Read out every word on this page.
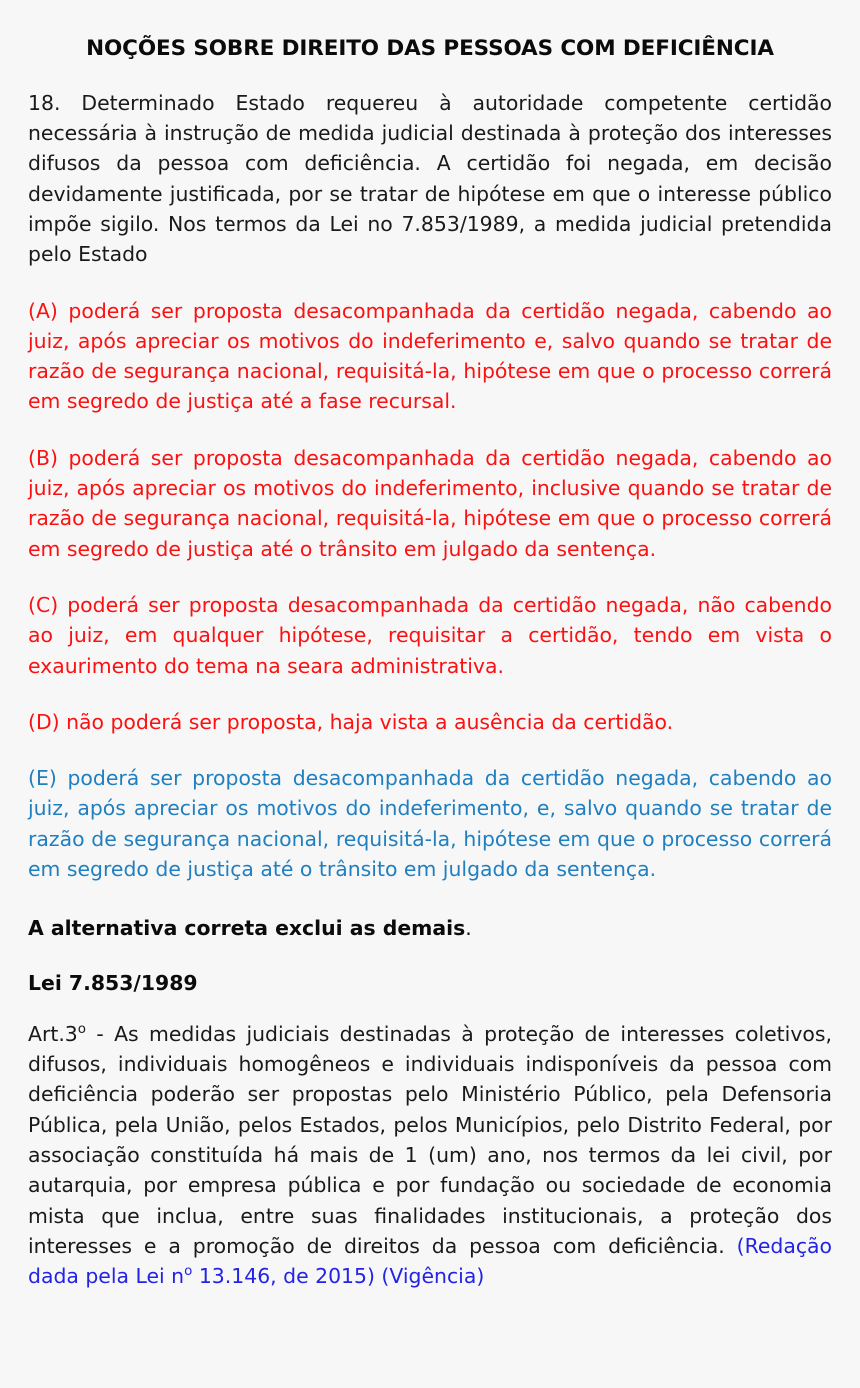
NOÇÕES SOBRE DIREITO DAS PESSOAS COM DEFICIÊNCIA

18. Determinado Estado requereu à autoridade competente certidão necessária à instrução de medida judicial destinada à proteção dos interesses difusos da pessoa com deficiência. A certidão foi negada, em decisão devidamente justificada, por se tratar de hipótese em que o interesse público impõe sigilo. Nos termos da Lei no 7.853/1989, a medida judicial pretendida pelo Estado

(A) poderá ser proposta desacompanhada da certidão negada, cabendo ao juiz, após apreciar os motivos do indeferimento e, salvo quando se tratar de razão de segurança nacional, requisitá-la, hipótese em que o processo correrá em segredo de justiça até a fase recursal.

(B) poderá ser proposta desacompanhada da certidão negada, cabendo ao juiz, após apreciar os motivos do indeferimento, inclusive quando se tratar de razão de segurança nacional, requisitá-la, hipótese em que o processo correrá em segredo de justiça até o trânsito em julgado da sentença.

(C) poderá ser proposta desacompanhada da certidão negada, não cabendo ao juiz, em qualquer hipótese, requisitar a certidão, tendo em vista o exaurimento do tema na seara administrativa.

(D) não poderá ser proposta, haja vista a ausência da certidão.

(E) poderá ser proposta desacompanhada da certidão negada, cabendo ao juiz, após apreciar os motivos do indeferimento, e, salvo quando se tratar de razão de segurança nacional, requisitá-la, hipótese em que o processo correrá em segredo de justiça até o trânsito em julgado da sentença.

A alternativa correta exclui as demais.

Lei 7.853/1989

Art.3$^o$ - As medidas judiciais destinadas à proteção de interesses coletivos, difusos, individuais homogêneos e individuais indisponíveis da pessoa com deficiência poderão ser propostas pelo Ministério Público, pela Defensoria Pública, pela União, pelos Estados, pelos Municípios, pelo Distrito Federal, por associação constituída há mais de 1 (um) ano, nos termos da lei civil, por autarquia, por empresa pública e por fundação ou sociedade de economia mista que inclua, entre suas finalidades institucionais, a proteção dos interesses e a promoção de direitos da pessoa com deficiência. (Redação dada pela Lei n$^o$ 13.146, de 2015) (Vigência)
